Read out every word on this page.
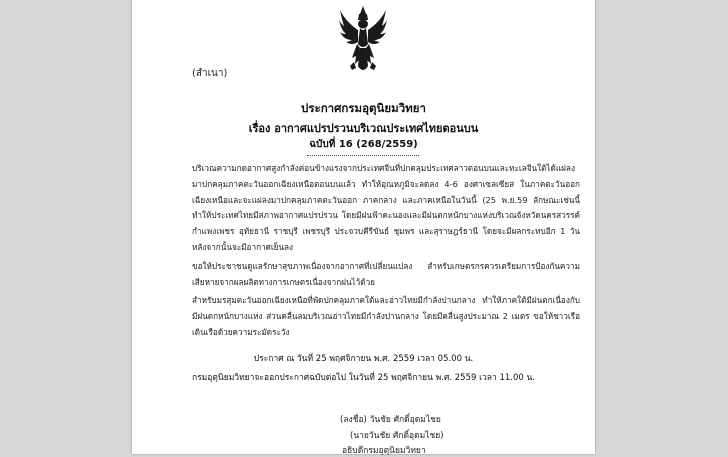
(สำเนา)
ประกาศกรมอุตุนิยมวิทยา
เรื่อง อากาศแปรปรวนบริเวณประเทศไทยตอนบน
ฉบับที่ 16 (268/2559)

บริเวณความกดอากาศสูงกำลังค่อนข้างแรงจากประเทศจีนที่ปกคลุมประเทศลาวตอนบนและทะเลจีนใต้ได้แผ่ลงมาปกคลุมภาคตะวันออกเฉียงเหนือตอนบนแล้ว ทำให้อุณหภูมิจะลดลง 4-6 องศาเซลเซียส ในภาคตะวันออกเฉียงเหนือและจะแผ่ลงมาปกคลุมภาคตะวันออก ภาคกลาง และภาคเหนือในวันนี้ (25 พ.ย.59 ลักษณะเช่นนี้ทำให้ประเทศไทยมีสภาพอากาศแปรปรวน โดยมีฝนฟ้าคะนองและมีฝนตกหนักบางแห่งบริเวณจังหวัดนครสวรรค์ กำแพงเพชร อุทัยธานี ราชบุรี เพชรบุรี ประจวบคีรีขันธ์ ชุมพร และสุราษฎร์ธานี โดยจะมีผลกระทบอีก 1 วัน หลังจากนั้นจะมีอากาศเย็นลง

ขอให้ประชาชนดูแลรักษาสุขภาพเนื่องจากอากาศที่เปลี่ยนแปลง สำหรับเกษตรกรควรเตรียมการป้องกันความเสียหายจากผลผลิตทางการเกษตรเนื่องจากฝนไว้ด้วย

สำหรับมรสุมตะวันออกเฉียงเหนือที่พัดปกคลุมภาคใต้และอ่าวไทยมีกำลังปานกลาง ทำให้ภาคใต้มีฝนตกเนื่องกับมีฝนตกหนักบางแห่ง ส่วนคลื่นลมบริเวณอ่าวไทยมีกำลังปานกลาง โดยมีคลื่นสูงประมาณ 2 เมตร ขอให้ชาวเรือเดินเรือด้วยความระมัดระวัง

ประกาศ ณ วันที่ 25 พฤศจิกายน พ.ศ. 2559 เวลา 05.00 น.
กรมอุตุนิยมวิทยาจะออกประกาศฉบับต่อไป ในวันที่ 25 พฤศจิกายน พ.ศ. 2559 เวลา 11.00 น.
(ลงชื่อ) วันชัย ศักดิ์อุดมไชย
(นายวันชัย ศักดิ์อุดมไชย)
อธิบดีกรมอุตุนิยมวิทยา
